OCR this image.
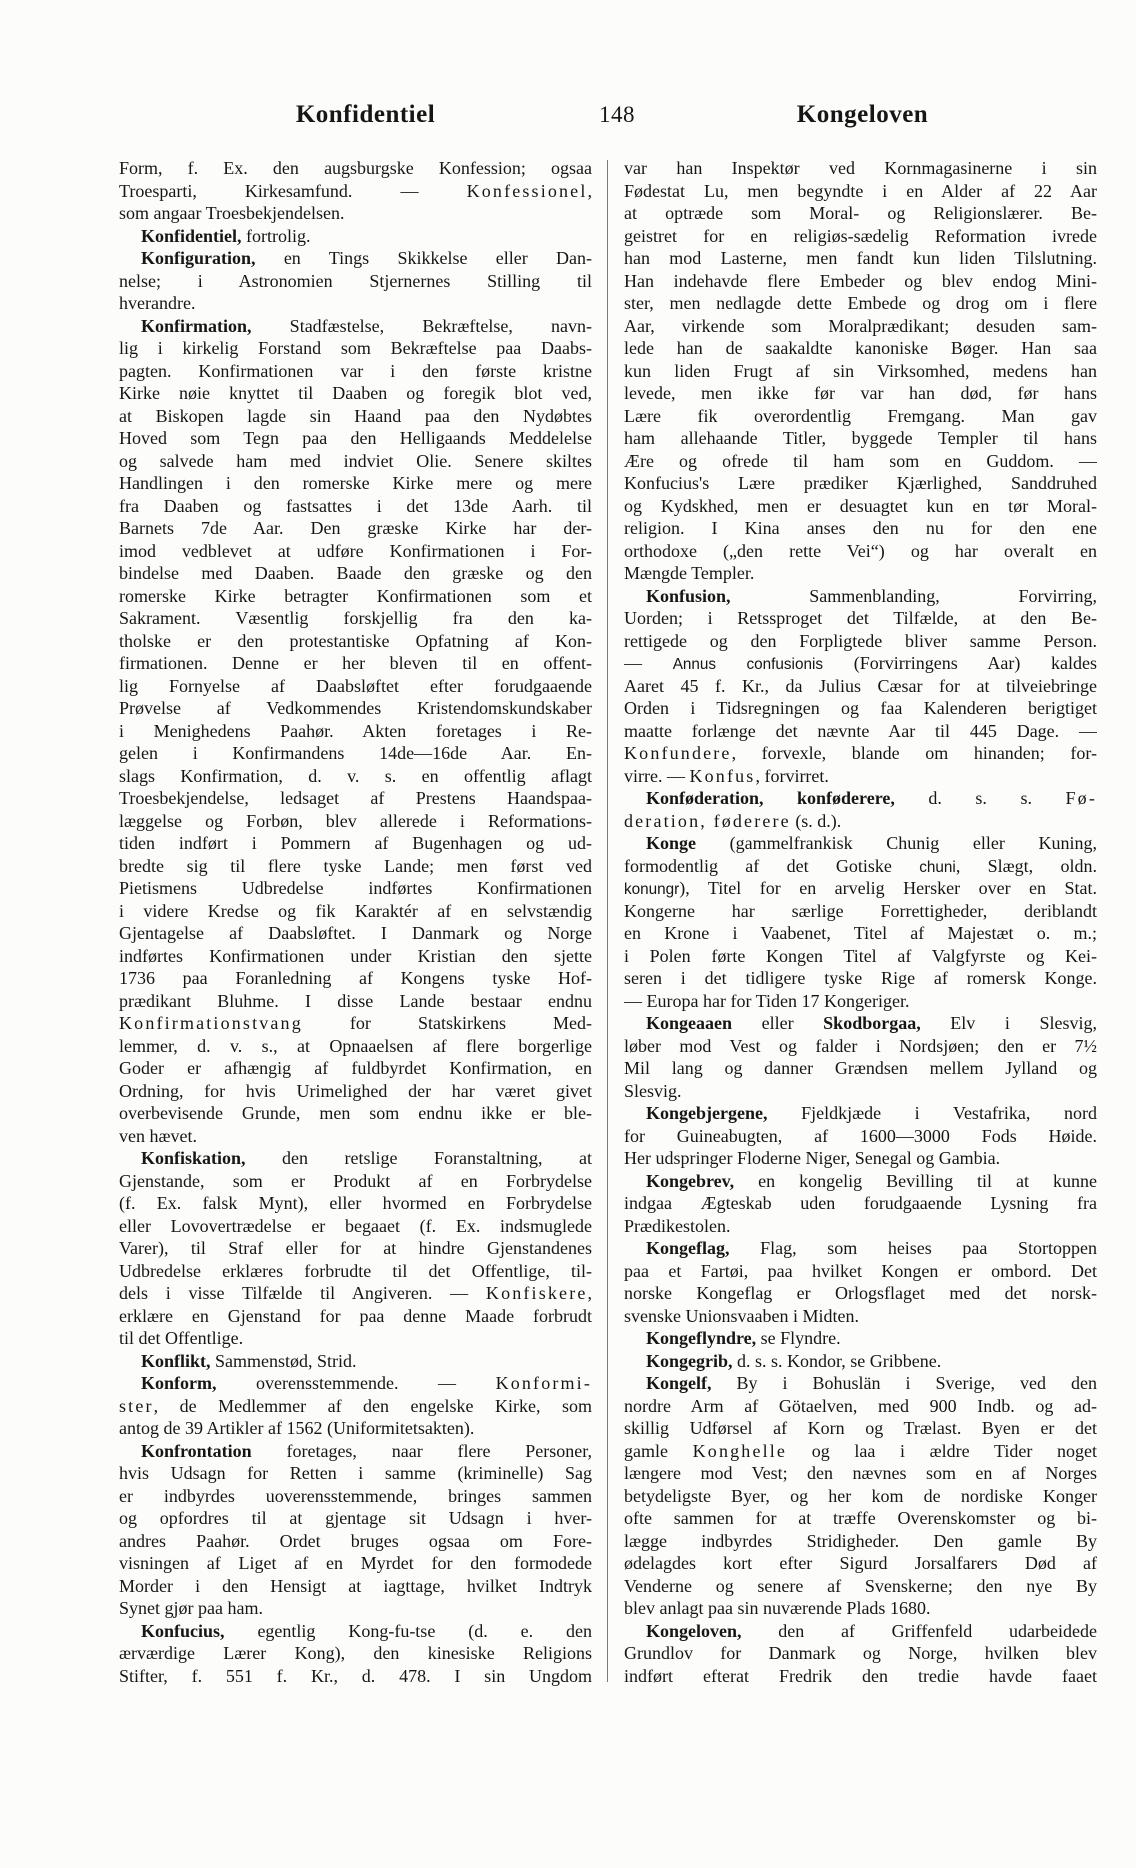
Konfidentiel	148	Kongeloven
Form, f. Ex. den augsburgske Konfession; ogsaa
Troesparti, Kirkesamfund. — Konfessionel,
som angaar Troesbekjendelsen.
Konfidentiel, fortrolig.
Konfiguration, en Tings Skikkelse eller Dan-
nelse; i Astronomien Stjernernes Stilling til
hverandre.
Konfirmation, Stadfæstelse, Bekræftelse, navn-
lig i kirkelig Forstand som Bekræftelse paa Daabs-
pagten. Konfirmationen var i den første kristne
Kirke nøie knyttet til Daaben og foregik blot ved,
at Biskopen lagde sin Haand paa den Nydøbtes
Hoved som Tegn paa den Helligaands Meddelelse
og salvede ham med indviet Olie. Senere skiltes
Handlingen i den romerske Kirke mere og mere
fra Daaben og fastsattes i det 13de Aarh. til
Barnets 7de Aar. Den græske Kirke har der-
imod vedblevet at udføre Konfirmationen i For-
bindelse med Daaben. Baade den græske og den
romerske Kirke betragter Konfirmationen som et
Sakrament. Væsentlig forskjellig fra den ka-
tholske er den protestantiske Opfatning af Kon-
firmationen. Denne er her bleven til en offent-
lig Fornyelse af Daabsløftet efter forudgaaende
Prøvelse af Vedkommendes Kristendomskundskaber
i Menighedens Paahør. Akten foretages i Re-
gelen i Konfirmandens 14de—16de Aar. En-
slags Konfirmation, d. v. s. en offentlig aflagt
Troesbekjendelse, ledsaget af Prestens Haandspaa-
læggelse og Forbøn, blev allerede i Reformations-
tiden indført i Pommern af Bugenhagen og ud-
bredte sig til flere tyske Lande; men først ved
Pietismens Udbredelse indførtes Konfirmationen
i videre Kredse og fik Karaktér af en selvstændig
Gjentagelse af Daabsløftet. I Danmark og Norge
indførtes Konfirmationen under Kristian den sjette
1736 paa Foranledning af Kongens tyske Hof-
prædikant Bluhme. I disse Lande bestaar endnu
Konfirmationstvang for Statskirkens Med-
lemmer, d. v. s., at Opnaaelsen af flere borgerlige
Goder er afhængig af fuldbyrdet Konfirmation, en
Ordning, for hvis Urimelighed der har været givet
overbevisende Grunde, men som endnu ikke er ble-
ven hævet.
Konfiskation, den retslige Foranstaltning, at
Gjenstande, som er Produkt af en Forbrydelse
(f. Ex. falsk Mynt), eller hvormed en Forbrydelse
eller Lovovertrædelse er begaaet (f. Ex. indsmuglede
Varer), til Straf eller for at hindre Gjenstandenes
Udbredelse erklæres forbrudte til det Offentlige, til-
dels i visse Tilfælde til Angiveren. — Konfiskere,
erklære en Gjenstand for paa denne Maade forbrudt
til det Offentlige.
Konflikt, Sammenstød, Strid.
Konform, overensstemmende. — Konformi-
ster, de Medlemmer af den engelske Kirke, som
antog de 39 Artikler af 1562 (Uniformitetsakten).
Konfrontation foretages, naar flere Personer,
hvis Udsagn for Retten i samme (kriminelle) Sag
er indbyrdes uoverensstemmende, bringes sammen
og opfordres til at gjentage sit Udsagn i hver-
andres Paahør. Ordet bruges ogsaa om Fore-
visningen af Liget af en Myrdet for den formodede
Morder i den Hensigt at iagttage, hvilket Indtryk
Synet gjør paa ham.
Konfucius, egentlig Kong-fu-tse (d. e. den
ærværdige Lærer Kong), den kinesiske Religions
Stifter, f. 551 f. Kr., d. 478. I sin Ungdom
var han Inspektør ved Kornmagasinerne i sin
Fødestat Lu, men begyndte i en Alder af 22 Aar
at optræde som Moral- og Religionslærer. Be-
geistret for en religiøs-sædelig Reformation ivrede
han mod Lasterne, men fandt kun liden Tilslutning.
Han indehavde flere Embeder og blev endog Mini-
ster, men nedlagde dette Embede og drog om i flere
Aar, virkende som Moralprædikant; desuden sam-
lede han de saakaldte kanoniske Bøger. Han saa
kun liden Frugt af sin Virksomhed, medens han
levede, men ikke før var han død, før hans
Lære fik overordentlig Fremgang. Man gav
ham allehaande Titler, byggede Templer til hans
Ære og ofrede til ham som en Guddom. —
Konfucius's Lære prædiker Kjærlighed, Sanddruhed
og Kydskhed, men er desuagtet kun en tør Moral-
religion. I Kina anses den nu for den ene
orthodoxe („den rette Vei“) og har overalt en
Mængde Templer.
Konfusion, Sammenblanding, Forvirring,
Uorden; i Retssproget det Tilfælde, at den Be-
rettigede og den Forpligtede bliver samme Person.
— Annus confusionis (Forvirringens Aar) kaldes
Aaret 45 f. Kr., da Julius Cæsar for at tilveiebringe
Orden i Tidsregningen og faa Kalenderen berigtiget
maatte forlænge det nævnte Aar til 445 Dage. —
Konfundere, forvexle, blande om hinanden; for-
virre. — Konfus, forvirret.
Konføderation, konføderere, d. s. s. Fø-
deration, føderere (s. d.).
Konge (gammelfrankisk Chunig eller Kuning,
formodentlig af det Gotiske chuni, Slægt, oldn.
konungr), Titel for en arvelig Hersker over en Stat.
Kongerne har særlige Forrettigheder, deriblandt
en Krone i Vaabenet, Titel af Majestæt o. m.;
i Polen førte Kongen Titel af Valgfyrste og Kei-
seren i det tidligere tyske Rige af romersk Konge.
— Europa har for Tiden 17 Kongeriger.
Kongeaaen eller Skodborgaa, Elv i Slesvig,
løber mod Vest og falder i Nordsjøen; den er 7½
Mil lang og danner Grændsen mellem Jylland og
Slesvig.
Kongebjergene, Fjeldkjæde i Vestafrika, nord
for Guineabugten, af 1600—3000 Fods Høide.
Her udspringer Floderne Niger, Senegal og Gambia.
Kongebrev, en kongelig Bevilling til at kunne
indgaa Ægteskab uden forudgaaende Lysning fra
Prædikestolen.
Kongeflag, Flag, som heises paa Stortoppen
paa et Fartøi, paa hvilket Kongen er ombord. Det
norske Kongeflag er Orlogsflaget med det norsk-
svenske Unionsvaaben i Midten.
Kongeflyndre, se Flyndre.
Kongegrib, d. s. s. Kondor, se Gribbene.
Kongelf, By i Bohuslän i Sverige, ved den
nordre Arm af Götaelven, med 900 Indb. og ad-
skillig Udførsel af Korn og Trælast. Byen er det
gamle Konghelle og laa i ældre Tider noget
længere mod Vest; den nævnes som en af Norges
betydeligste Byer, og her kom de nordiske Konger
ofte sammen for at træffe Overenskomster og bi-
lægge indbyrdes Stridigheder. Den gamle By
ødelagdes kort efter Sigurd Jorsalfarers Død af
Venderne og senere af Svenskerne; den nye By
blev anlagt paa sin nuværende Plads 1680.
Kongeloven, den af Griffenfeld udarbeidede
Grundlov for Danmark og Norge, hvilken blev
indført efterat Fredrik den tredie havde faaet
